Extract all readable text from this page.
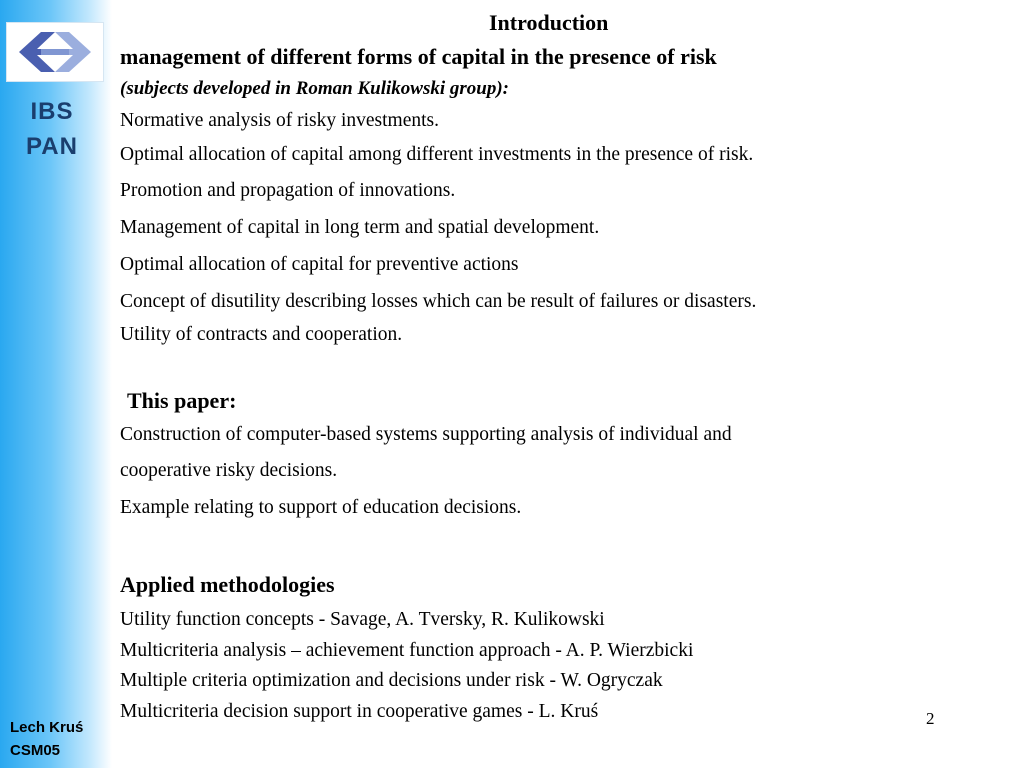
IBS
PAN
Lech Kruś
CSM05
Introduction
management of different forms of capital in the presence of risk
(subjects developed in Roman Kulikowski group):
Normative analysis of risky investments.
Optimal allocation of capital among different investments in the presence of risk.
Promotion and propagation of innovations.
Management of capital in long term and spatial development.
Optimal allocation of capital for preventive actions
Concept of disutility describing losses which can be result of failures or disasters.
Utility of contracts and cooperation.
This paper:
Construction of computer-based systems supporting analysis of individual and
cooperative risky decisions.
Example relating to support of education decisions.
Applied methodologies
Utility function concepts - Savage, A. Tversky, R. Kulikowski
Multicriteria analysis – achievement function approach - A. P. Wierzbicki
Multiple criteria optimization and decisions under risk - W. Ogryczak
Multicriteria decision support in cooperative games - L. Kruś	2
